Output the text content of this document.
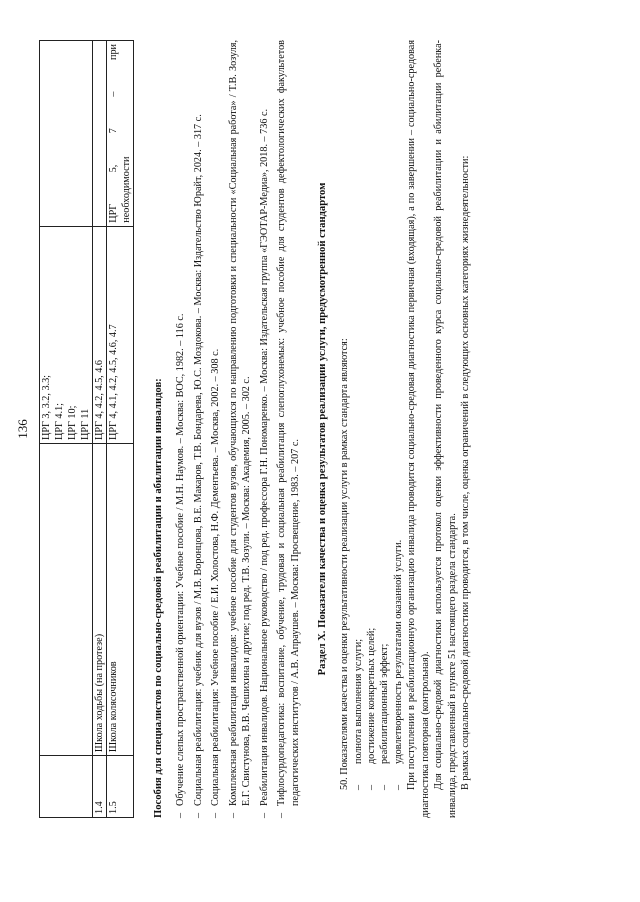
136

		ЦРГ 3, 3.2, 3.3; ЦРГ 4.1; ЦРГ 10; ЦРГ 11	

1.4	Школа ходьбы (на протезе)	ЦРГ 4, 4.2, 4.5, 4.6	

1.5	Школа колясочников	ЦРГ 4, 4.1, 4.2, 4.5, 4.6, 4.7	ЦРГ 5, 7 – при необходимости
Пособия для специалистов по социально-средовой реабилитации и абилитации инвалидов: – Обучение слепых пространственной ориентации: Учебное пособие / М.Н. Наумов. – Москва: ВОС, 1982. – 116 с. – Социальная реабилитация: учебник для вузов / М.В. Воронцова, В.Е. Макаров, Т.В. Бондарева, Ю.С. Моздокова. – Москва: Издательство Юрайт, 2024. – 317 с. – Социальная реабилитация: Учебное пособие / Е.И. Холостова, Н.Ф. Дементьева. – Москва, 2002. – 308 с. – Комплексная реабилитация инвалидов: учебное пособие для студентов вузов, обучающихся по направлению подготовки и специальности «Социальная работа» / Т.В. Зозуля, Е.Г. Свистунова, В.В. Чешихина и другие; под ред. Т.В. Зозули. – Москва: Академия, 2005. – 302 с. – Реабилитация инвалидов. Национальное руководство / под ред. профессора Г.Н. Пономаренко. – Москва: Издательская группа «ГЭОТАР-Медиа», 2018. – 736 с. – Тифлосурдопедагогика: воспитание, обучение, трудовая и социальная реабилитация слепоглухонемых: учебное пособие для студентов дефектологических факультетов педагогических институтов / А.В. Апраушев. – Москва: Просвещение, 1983. – 207 с. Раздел X. Показатели качества и оценка результатов реализации услуги, предусмотренной стандартом 50. Показателями качества и оценки результативности реализации услуги в рамках стандарта являются: – полнота выполнения услуги; – достижение конкретных целей; – реабилитационный эффект; – удовлетворенность результатами оказанной услуги. При поступлении в реабилитационную организацию инвалида проводится социально-средовая диагностика первичная (входящая), а по завершении – социально-средовая диагностика повторная (контрольная). Для социально-средовой диагностики используется протокол оценки эффективности проведенного курса социально-средовой реабилитации и абилитации ребенка-инвалида, представленный в пункте 51 настоящего раздела стандарта. В рамках социально-средовой диагностики проводится, в том числе, оценка ограничений в следующих основных категориях жизнедеятельности:
